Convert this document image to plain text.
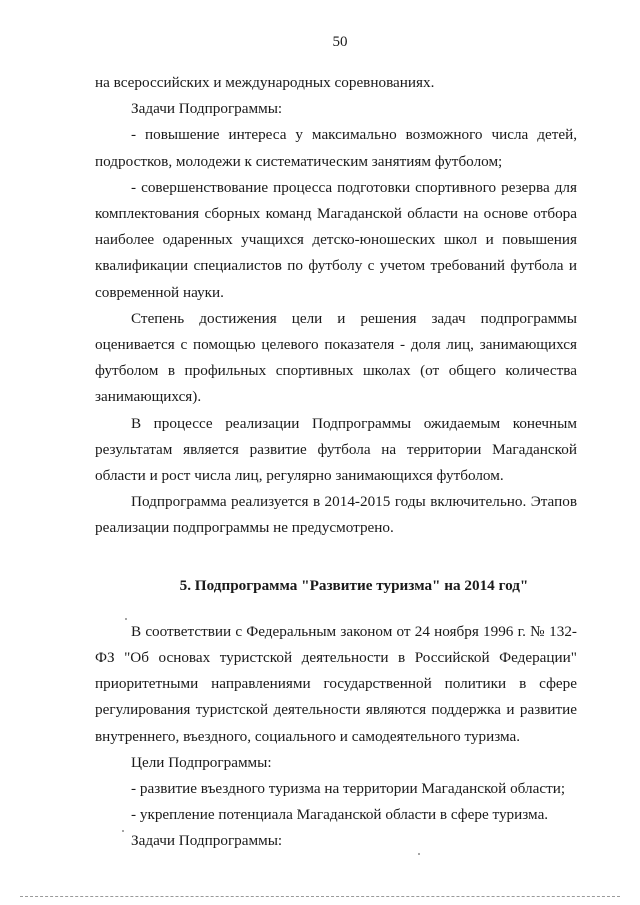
50

на всероссийских и международных соревнованиях.

Задачи Подпрограммы:

- повышение интереса у максимально возможного числа детей, подростков, молодежи к систематическим занятиям футболом;

- совершенствование процесса подготовки спортивного резерва для комплектования сборных команд Магаданской области на основе отбора наиболее одаренных учащихся детско-юношеских школ и повышения квалификации специалистов по футболу с учетом требований футбола и современной науки.

Степень достижения цели и решения задач подпрограммы оценивается с помощью целевого показателя - доля лиц, занимающихся футболом в профильных спортивных школах (от общего количества занимающихся).

В процессе реализации Подпрограммы ожидаемым конечным результатам является развитие футбола на территории Магаданской области и рост числа лиц, регулярно занимающихся футболом.

Подпрограмма реализуется в 2014-2015 годы включительно. Этапов реализации подпрограммы не предусмотрено.

5. Подпрограмма "Развитие туризма" на 2014 год"

В соответствии с Федеральным законом от 24 ноября 1996 г. № 132-ФЗ "Об основах туристской деятельности в Российской Федерации" приоритетными направлениями государственной политики в сфере регулирования туристской деятельности являются поддержка и развитие внутреннего, въездного, социального и самодеятельного туризма.

Цели Подпрограммы:

- развитие въездного туризма на территории Магаданской области;

- укрепление потенциала Магаданской области в сфере туризма.

Задачи Подпрограммы:
